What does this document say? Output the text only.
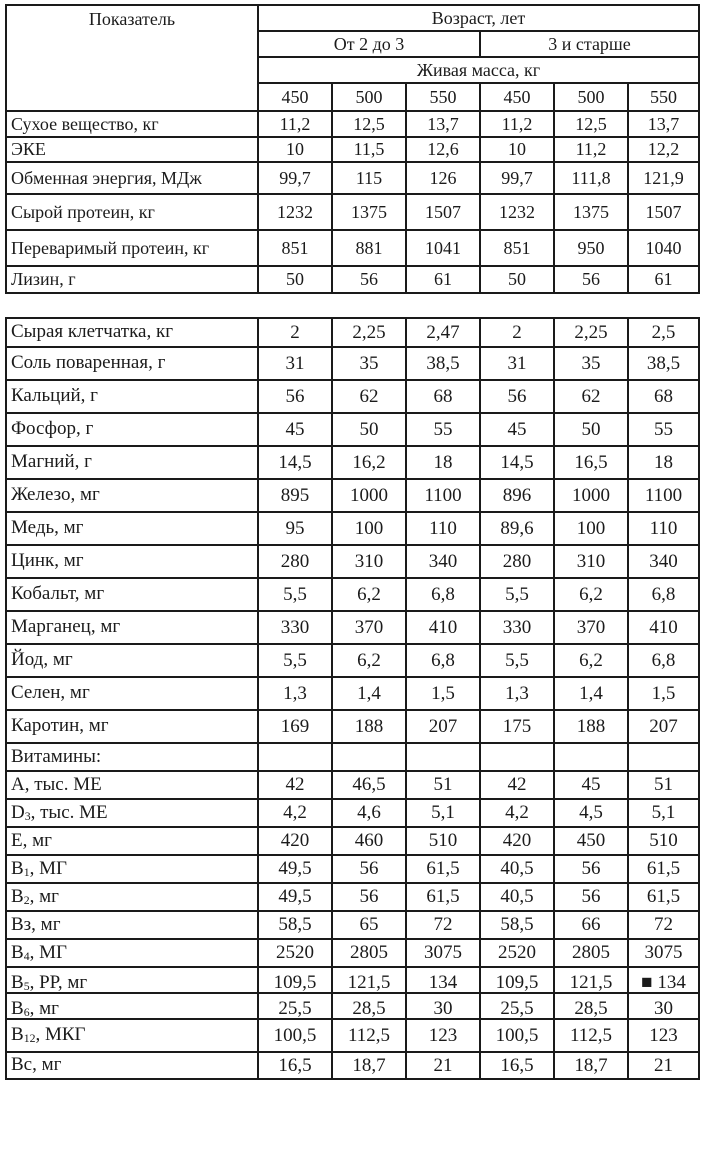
Показатель	Возраст, лет					
	От 2 до 3			3 и старше		
	Живая масса, кг					
	450	500	550	450	500	550

Сухое вещество, кг	11,2	12,5	13,7	11,2	12,5	13,7

ЭКЕ	10	11,5	12,6	10	11,2	12,2

Обменная энергия, МДж	99,7	115	126	99,7	111,8	121,9

Сырой протеин, кг	1232	1375	1507	1232	1375	1507

Переваримый протеин, кг	851	881	1041	851	950	1040

Лизин, г	50	56	61	50	56	61
Сырая клетчатка, кг	2	2,25	2,47	2	2,25	2,5

Соль поваренная, г	31	35	38,5	31	35	38,5

Кальций, г	56	62	68	56	62	68

Фосфор, г	45	50	55	45	50	55

Магний, г	14,5	16,2	18	14,5	16,5	18

Железо, мг	895	1000	1100	896	1000	1100

Медь, мг	95	100	110	89,6	100	110

Цинк, мг	280	310	340	280	310	340

Кобальт, мг	5,5	6,2	6,8	5,5	6,2	6,8

Марганец, мг	330	370	410	330	370	410

Йод, мг	5,5	6,2	6,8	5,5	6,2	6,8

Селен, мг	1,3	1,4	1,5	1,3	1,4	1,5

Каротин, мг	169	188	207	175	188	207

Витамины:						

А, тыс. МЕ	42	46,5	51	42	45	51

D3, тыс. МЕ	4,2	4,6	5,1	4,2	4,5	5,1

Е, мг	420	460	510	420	450	510

В1, МГ	49,5	56	61,5	40,5	56	61,5

В2, мг	49,5	56	61,5	40,5	56	61,5

Вз, мг	58,5	65	72	58,5	66	72

В4, МГ	2520	2805	3075	2520	2805	3075

В5, РР, мг	109,5	121,5	134	109,5	121,5	■ 134

В6, мг	25,5	28,5	30	25,5	28,5	30

В12, МКГ	100,5	112,5	123	100,5	112,5	123

Вс, мг	16,5	18,7	21	16,5	18,7	21
